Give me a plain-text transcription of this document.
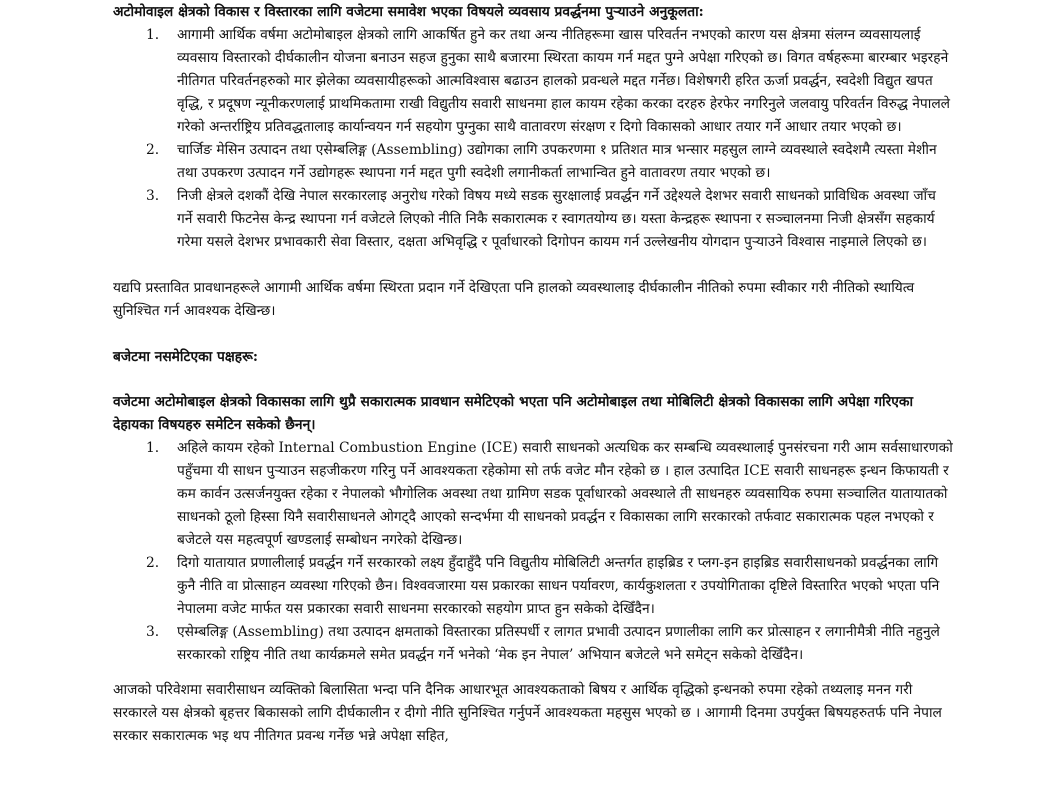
अटोमोवाइल क्षेत्रको विकास र विस्तारका लागि वजेटमा समावेश भएका विषयले व्यवसाय प्रवर्द्धनमा पुऱ्याउने अनुकूलता:

1. आगामी आर्थिक वर्षमा अटोमोबाइल क्षेत्रको लागि आकर्षित हुने कर तथा अन्य नीतिहरूमा खास परिवर्तन नभएको कारण यस क्षेत्रमा संलग्न व्यवसायलाई व्यवसाय विस्तारको दीर्घकालीन योजना बनाउन सहज हुनुका साथै बजारमा स्थिरता कायम गर्न मद्दत पुग्ने अपेक्षा गरिएको छ। विगत वर्षहरूमा बारम्बार भइरहने नीतिगत परिवर्तनहरुको मार झेलेका व्यवसायीहरूको आत्मविश्वास बढाउन हालको प्रवन्धले मद्दत गर्नेछ। विशेषगरी हरित ऊर्जा प्रवर्द्धन, स्वदेशी विद्युत खपत वृद्धि, र प्रदूषण न्यूनीकरणलाई प्राथमिकतामा राखी विद्युतीय सवारी साधनमा हाल कायम रहेका करका दरहरु हेरफेर नगरिनुले जलवायु परिवर्तन विरुद्ध नेपालले गरेको अन्तर्राष्ट्रिय प्रतिवद्धतालाइ कार्यान्वयन गर्न सहयोग पुग्नुका साथै वातावरण संरक्षण र दिगो विकासको आधार तयार गर्ने आधार तयार भएको छ।
2. चार्जिङ मेसिन उत्पादन तथा एसेम्बलिङ्ग (Assembling) उद्योगका लागि उपकरणमा १ प्रतिशत मात्र भन्सार महसुल लाग्ने व्यवस्थाले स्वदेशमै त्यस्ता मेशीन तथा उपकरण उत्पादन गर्ने उद्योगहरू स्थापना गर्न मद्दत पुगी स्वदेशी लगानीकर्ता लाभान्वित हुने वातावरण तयार भएको छ।
3. निजी क्षेत्रले दशकौं देखि नेपाल सरकारलाइ अनुरोध गरेको विषय मध्ये सडक सुरक्षालाई प्रवर्द्धन गर्ने उद्देश्यले देशभर सवारी साधनको प्राविधिक अवस्था जाँच गर्ने सवारी फिटनेस केन्द्र स्थापना गर्न वजेटले लिएको नीति निकै सकारात्मक र स्वागतयोग्य छ। यस्ता केन्द्रहरू स्थापना र सञ्चालनमा निजी क्षेत्रसँग सहकार्य गरेमा यसले देशभर प्रभावकारी सेवा विस्तार, दक्षता अभिवृद्धि र पूर्वाधारको दिगोपन कायम गर्न उल्लेखनीय योगदान पुऱ्याउने विश्वास नाइमाले लिएको छ।

यद्यपि प्रस्तावित प्रावधानहरूले आगामी आर्थिक वर्षमा स्थिरता प्रदान गर्ने देखिएता पनि हालको व्यवस्थालाइ दीर्घकालीन नीतिको रुपमा स्वीकार गरी नीतिको स्थायित्व सुनिश्चित गर्न आवश्यक देखिन्छ।

बजेटमा नसमेटिएका पक्षहरू:

वजेटमा अटोमोबाइल क्षेत्रको विकासका लागि थुप्रै सकारात्मक प्रावधान समेटिएको भएता पनि अटोमोबाइल तथा मोबिलिटी क्षेत्रको विकासका लागि अपेक्षा गरिएका देहायका विषयहरु समेटिन सकेको छैनन्।

1. अहिले कायम रहेको Internal Combustion Engine (ICE) सवारी साधनको अत्यधिक कर सम्बन्धि व्यवस्थालाई पुनसंरचना गरी आम सर्वसाधारणको पहुँचमा यी साधन पुऱ्याउन सहजीकरण गरिनु पर्ने आवश्यकता रहेकोमा सो तर्फ वजेट मौन रहेको छ । हाल उत्पादित ICE सवारी साधनहरू इन्धन किफायती र कम कार्वन उत्सर्जनयुक्त रहेका र नेपालको भौगोलिक अवस्था तथा ग्रामिण सडक पूर्वाधारको अवस्थाले ती साधनहरु व्यवसायिक रुपमा सञ्चालित यातायातको साधनको ठूलो हिस्सा यिनै सवारीसाधनले ओगट्दै आएको सन्दर्भमा यी साधनको प्रवर्द्धन र विकासका लागि सरकारको तर्फवाट सकारात्मक पहल नभएको र बजेटले यस महत्वपूर्ण खण्डलाई सम्बोधन नगरेको देखिन्छ।
2. दिगो यातायात प्रणालीलाई प्रवर्द्धन गर्ने सरकारको लक्ष्य हुँदाहुँदै पनि विद्युतीय मोबिलिटी अन्तर्गत हाइब्रिड र प्लग-इन हाइब्रिड सवारीसाधनको प्रवर्द्धनका लागि कुनै नीति वा प्रोत्साहन व्यवस्था गरिएको छैन। विश्ववजारमा यस प्रकारका साधन पर्यावरण, कार्यकुशलता र उपयोगिताका दृष्टिले विस्तारित भएको भएता पनि नेपालमा वजेट मार्फत यस प्रकारका सवारी साधनमा सरकारको सहयोग प्राप्त हुन सकेको देखिँदैन।
3. एसेम्बलिङ्ग (Assembling) तथा उत्पादन क्षमताको विस्तारका प्रतिस्पर्धी र लागत प्रभावी उत्पादन प्रणालीका लागि कर प्रोत्साहन र लगानीमैत्री नीति नहुनुले सरकारको राष्ट्रिय नीति तथा कार्यक्रमले समेत प्रवर्द्धन गर्ने भनेको ‘मेक इन नेपाल’ अभियान बजेटले भने समेट्न सकेको देखिँदैन।

आजको परिवेशमा सवारीसाधन व्यक्तिको बिलासिता भन्दा पनि दैनिक आधारभूत आवश्यकताको बिषय र आर्थिक वृद्धिको इन्धनको रुपमा रहेको तथ्यलाइ मनन गरी सरकारले यस क्षेत्रको बृहत्तर बिकासको लागि दीर्घकालीन र दीगो नीति सुनिश्चित गर्नुपर्ने आवश्यकता महसुस भएको छ । आगामी दिनमा उपर्युक्त बिषयहरुतर्फ पनि नेपाल सरकार सकारात्मक भइ थप नीतिगत प्रवन्ध गर्नेछ भन्ने अपेक्षा सहित,
